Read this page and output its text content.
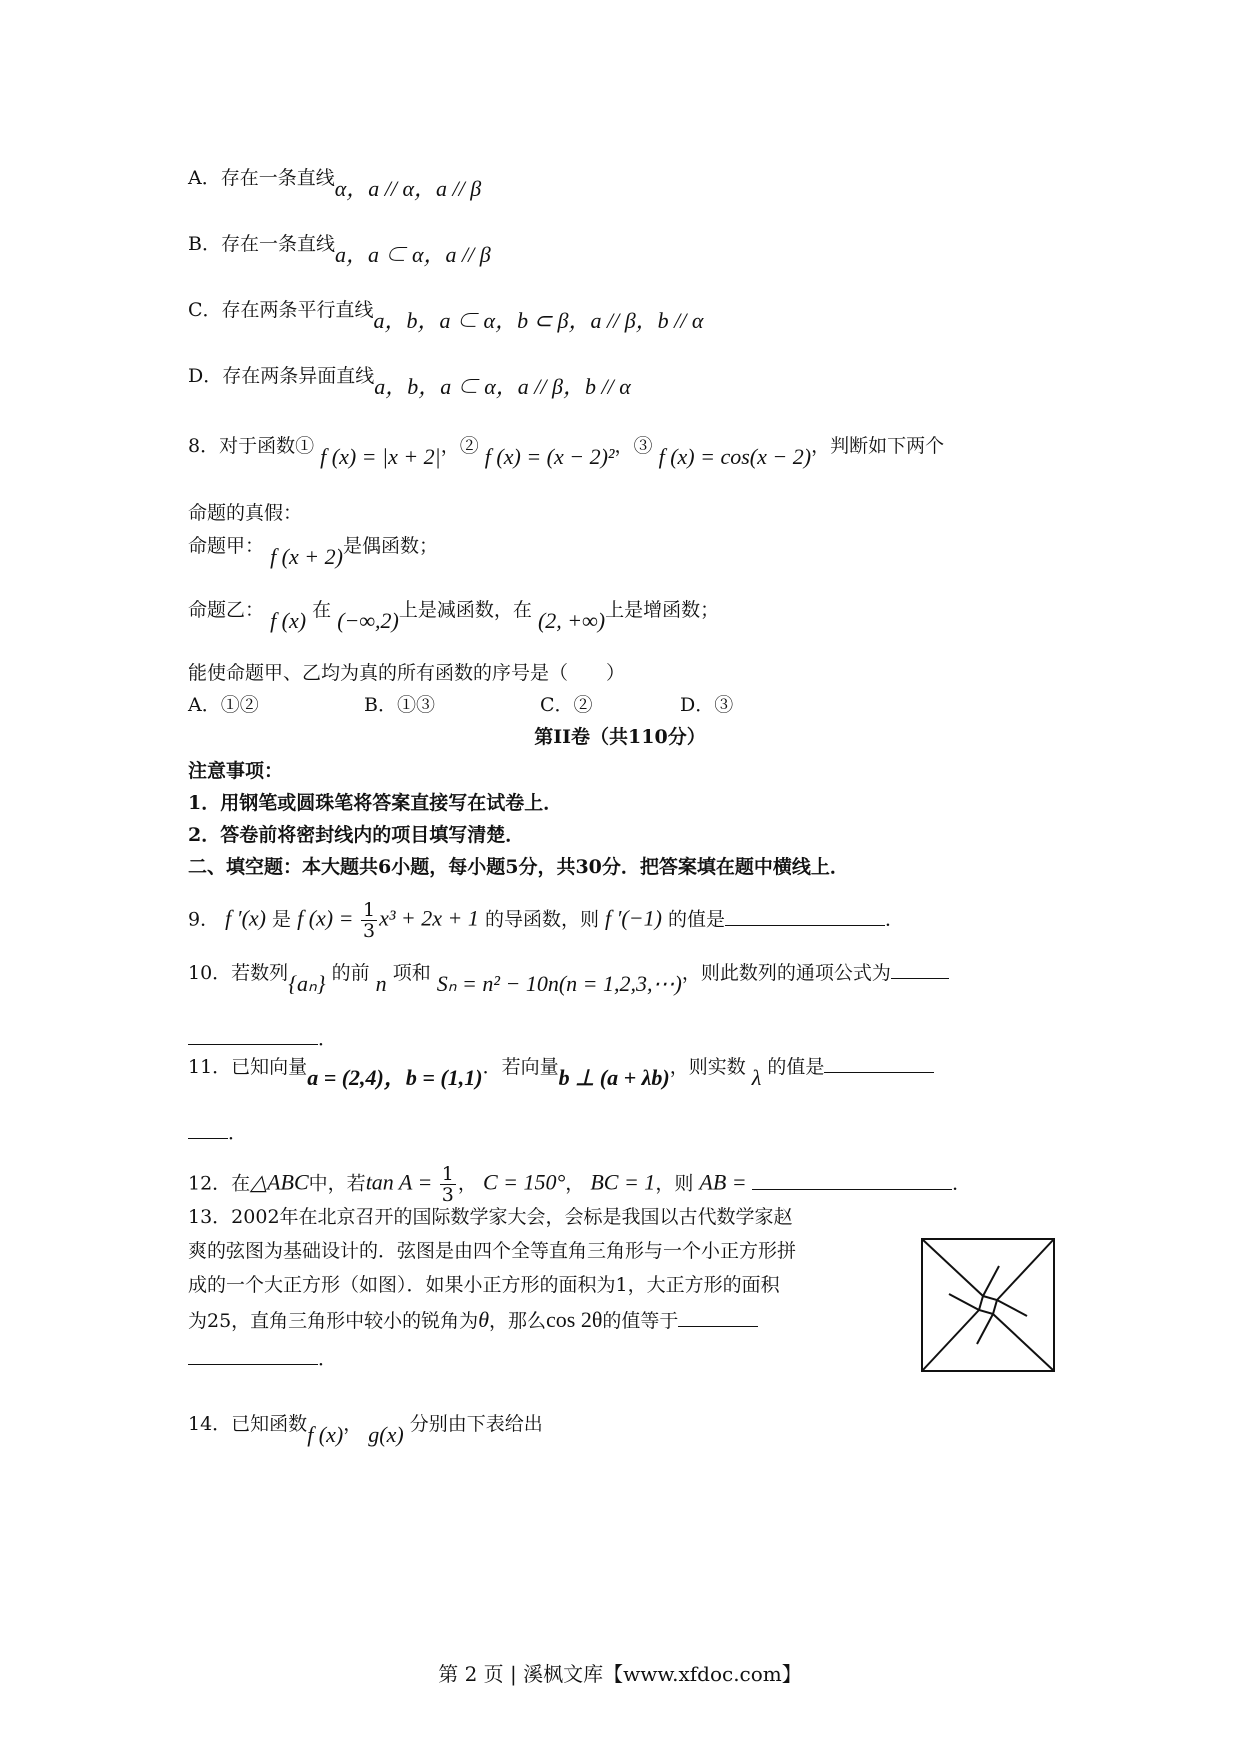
A．存在一条直线α，a // α，a // β
B．存在一条直线a，a ⊂ α，a // β
C．存在两条平行直线a，b，a ⊂ α，b ⊂ β，a // β，b // α
D．存在两条异面直线a，b，a ⊂ α，a // β，b // α
8．对于函数① f (x) = |x + 2|，② f (x) = (x − 2)²，③ f (x) = cos(x − 2)，判断如下两个
命题的真假：
命题甲： f (x + 2)是偶函数；
命题乙： f (x) 在 (−∞,2)上是减函数，在 (2, +∞)上是增函数；
能使命题甲、乙均为真的所有函数的序号是（　　）
A．①②	B．①③	C．②	D．③
第II卷（共110分）
注意事项：
1．用钢笔或圆珠笔将答案直接写在试卷上．
2．答卷前将密封线内的项目填写清楚．
二、填空题：本大题共6小题，每小题5分，共30分．把答案填在题中横线上．
9． f ′(x) 是 f $(x) = \frac{1}{3} x^3 + 2x + 1$ 的导函数，则 f ′(−1) 的值是	．
10．若数列{aₙ} 的前 n 项和 Sₙ = n² − 10n(n = 1,2,3,⋯)，则此数列的通项公式为
．
11．已知向量a = (2,4)，b = (1,1)．若向量b ⊥ (a + λb)，则实数 λ 的值是
．
12．在△ABC中，若$\tan A = \frac{1}{3}$ ， C = 150°， BC = 1，则 AB =	．
13．2002年在北京召开的国际数学家大会，会标是我国以古代数学家赵
爽的弦图为基础设计的．弦图是由四个全等直角三角形与一个小正方形拼
成的一个大正方形（如图）．如果小正方形的面积为1，大正方形的面积
为25，直角三角形中较小的锐角为θ，那么cos 2θ的值等于
．
14．已知函数f (x)， g(x) 分别由下表给出
第 2 页 | 溪枫文库【www.xfdoc.com】
